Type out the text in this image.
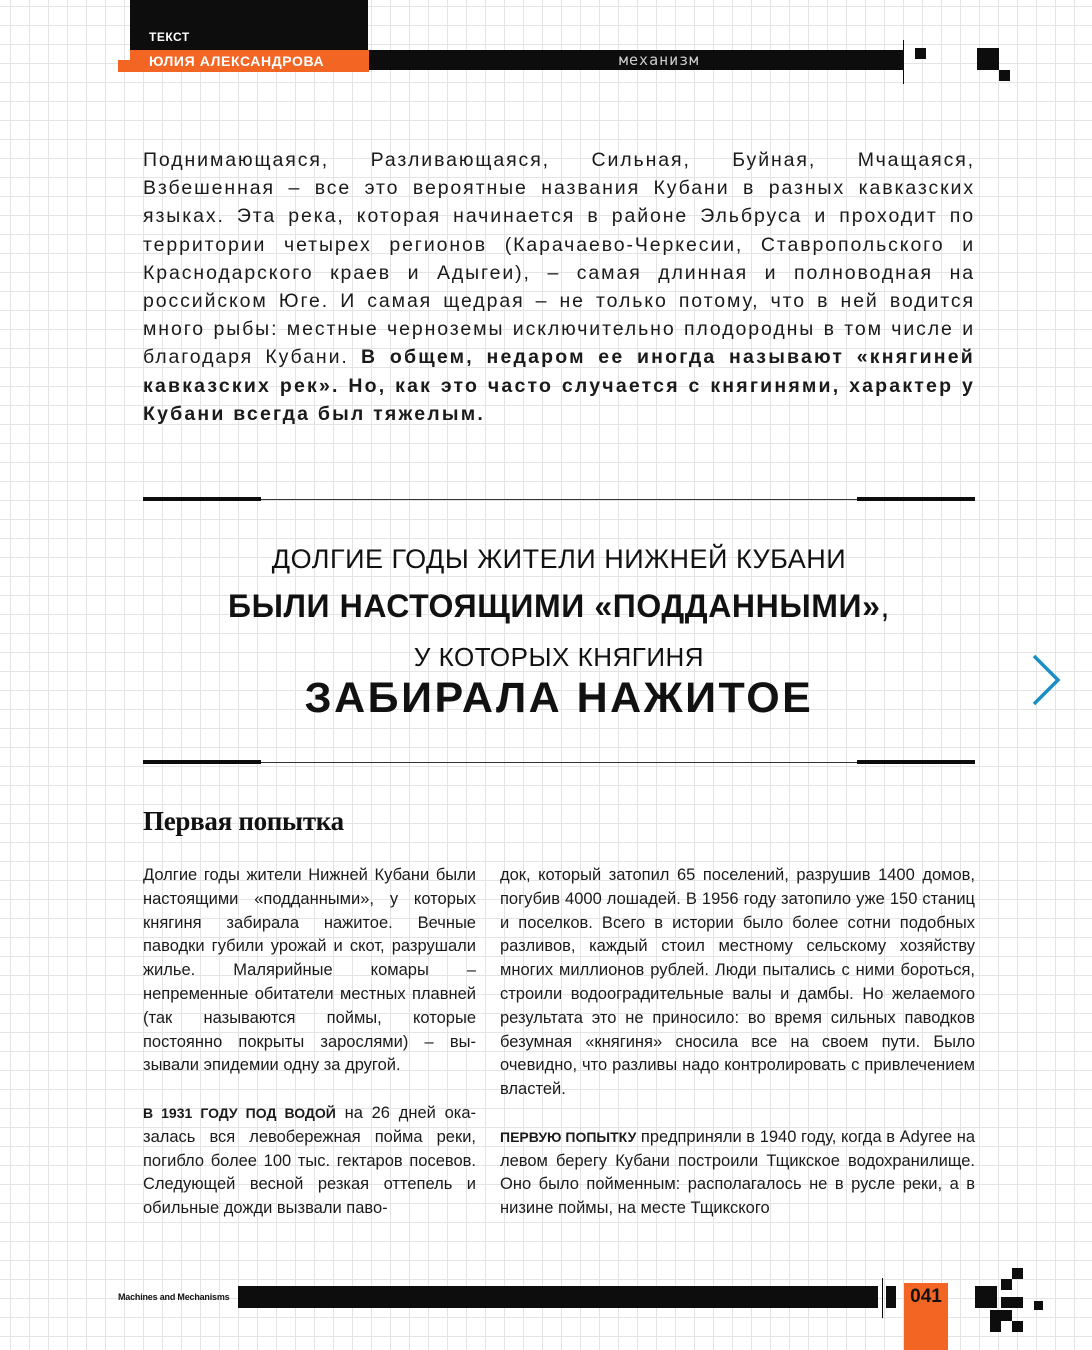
ТЕКСТ
ЮЛИЯ АЛЕКСАНДРОВА	механизм
Поднимающаяся, Разливающаяся, Сильная, Буйная, Мчащаяся, Взбешенная – все это вероятные названия Кубани в разных кавказских языках. Эта река, которая начинается в районе Эльбруса и проходит по территории четырех регионов (Карачаево-Черкесии, Ставропольского и Краснодарского краев и Адыгеи), – самая длинная и полноводная на российском Юге. И самая щедрая – не только потому, что в ней водится много рыбы: местные черноземы исключительно плодородны в том числе и благодаря Кубани. В общем, недаром ее иногда называют «княгиней кавказских рек». Но, как это часто случается с княгинями, характер у Кубани всегда был тяжелым.
ДОЛГИЕ ГОДЫ ЖИТЕЛИ НИЖНЕЙ КУБАНИ
БЫЛИ НАСТОЯЩИМИ «ПОДДАННЫМИ»,
У КОТОРЫХ КНЯГИНЯ
ЗАБИРАЛА НАЖИТОЕ
Первая попытка

Долгие годы жители Нижней Кубани были настоящими «подданными», у которых княгиня забирала нажитое. Вечные паводки губили урожай и скот, разрушали жилье. Малярийные комары – непременные обитатели местных плавней (так называются поймы, которые постоянно покрыты зарослями) – вызывали эпидемии одну за другой.

В 1931 ГОДУ ПОД ВОДОЙ на 26 дней оказалась вся левобережная пойма реки, погибло более 100 тыс. гектаров посевов. Следующей весной резкая оттепель и обильные дожди вызвали паво-

док, который затопил 65 поселений, разрушив 1400 домов, погубив 4000 лошадей. В 1956 году затопило уже 150 станиц и поселков. Всего в истории было более сотни подобных разливов, каждый стоил местному сельскому хозяйству многих миллионов рублей. Люди пытались с ними бороться, строили водооградительные валы и дамбы. Но желаемого результата это не приносило: во время сильных паводков безумная «княгиня» сносила все на своем пути. Было очевидно, что разливы надо контролировать с привлечением властей.

ПЕРВУЮ ПОПЫТКУ предприняли в 1940 году, когда в Adyгее на левом берегу Кубани построили Тщикское водохранилище. Оно было пойменным: располагалось не в русле реки, а в низине поймы, на месте Тщикского

Machines and Mechanisms	041
